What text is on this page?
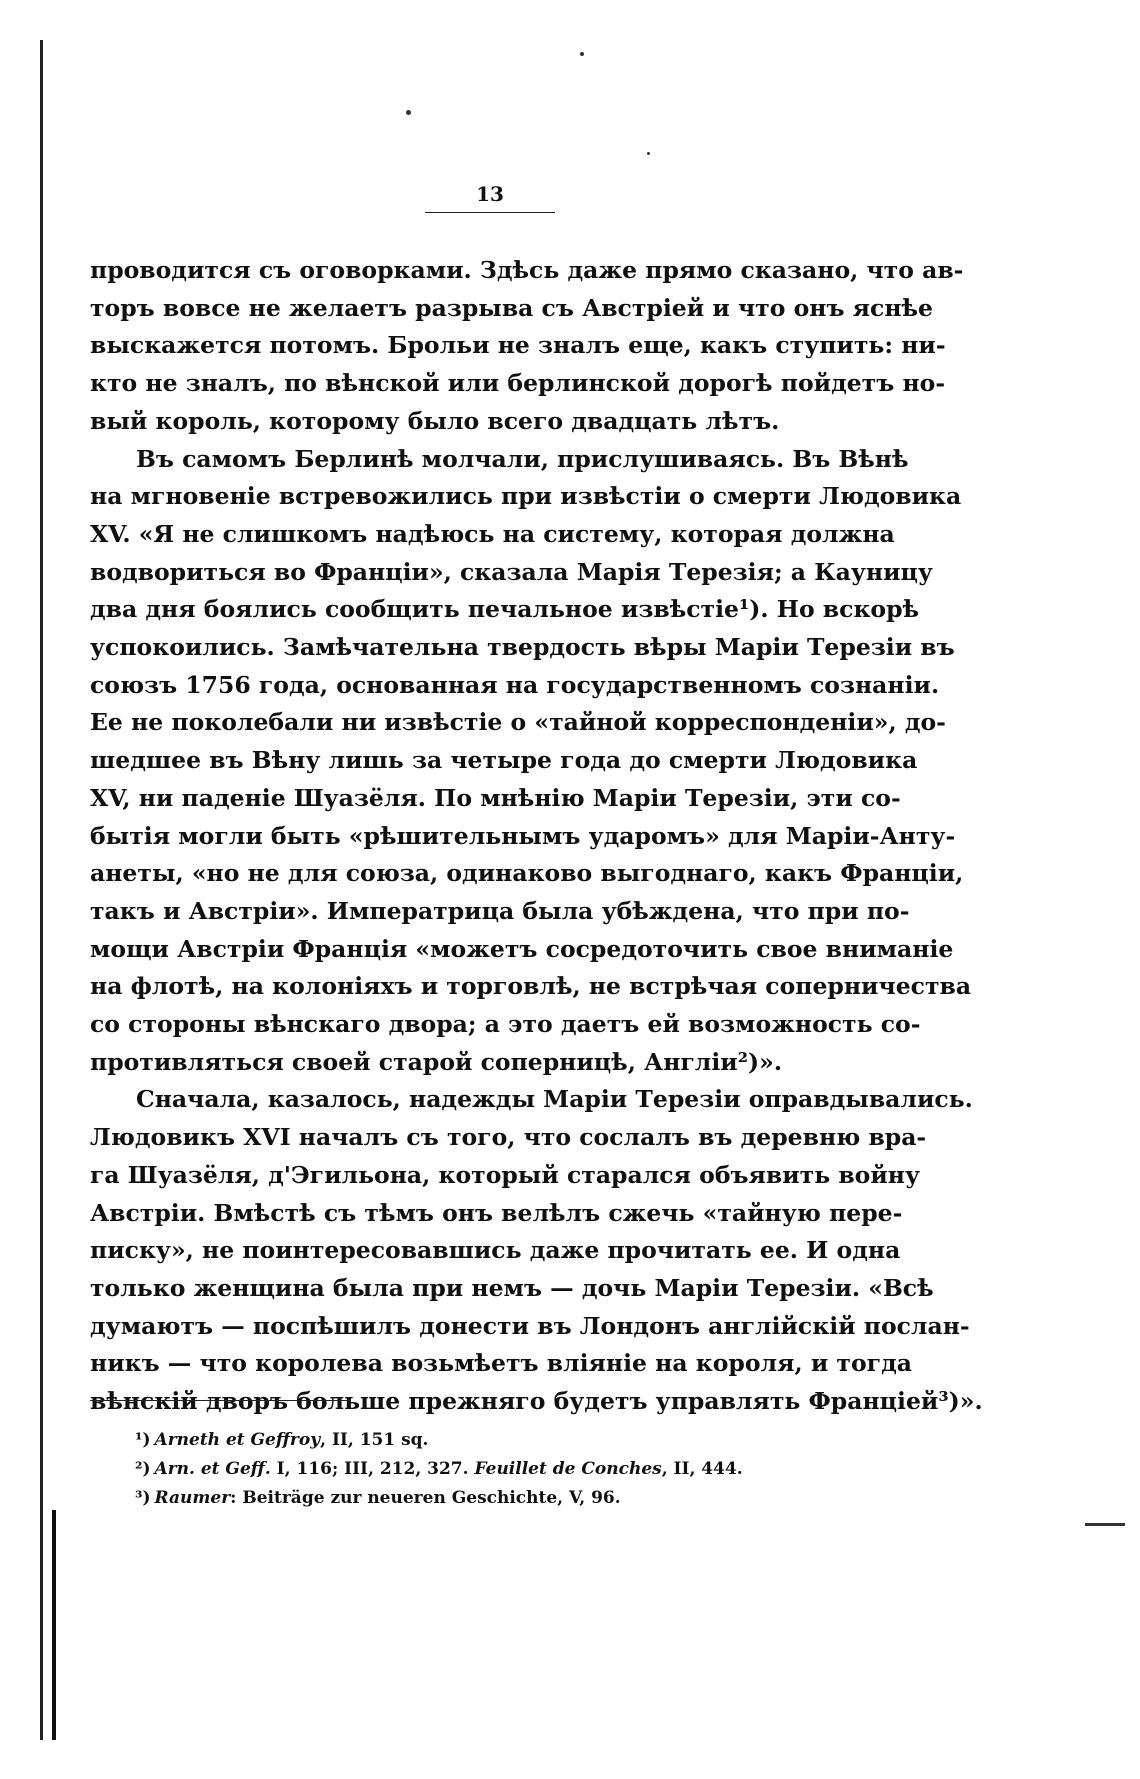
13
проводится съ оговорками. Здѣсь даже прямо сказано, что ав-
торъ вовсе не желаетъ разрыва съ Австріей и что онъ яснѣе
выскажется потомъ. Брольи не зналъ еще, какъ ступить: ни-
кто не зналъ, по вѣнской или берлинской дорогѣ пойдетъ но-
вый король, которому было всего двадцать лѣтъ.
Въ самомъ Берлинѣ молчали, прислушиваясь. Въ Вѣнѣ
на мгновеніе встревожились при извѣстіи о смерти Людовика
XV. «Я не слишкомъ надѣюсь на систему, которая должна
водвориться во Франціи», сказала Марія Терезія; а Кауницу
два дня боялись сообщить печальное извѣстіе¹). Но вскорѣ
успокоились. Замѣчательна твердость вѣры Маріи Терезіи въ
союзъ 1756 года, основанная на государственномъ сознаніи.
Ее не поколебали ни извѣстіе о «тайной корреспонденіи», до-
шедшее въ Вѣну лишь за четыре года до смерти Людовика
XV, ни паденіе Шуазёля. По мнѣнію Маріи Терезіи, эти со-
бытія могли быть «рѣшительнымъ ударомъ» для Маріи-Анту-
анеты, «но не для союза, одинаково выгоднаго, какъ Франціи,
такъ и Австріи». Императрица была убѣждена, что при по-
мощи Австріи Франція «можетъ сосредоточить свое вниманіе
на флотѣ, на колоніяхъ и торговлѣ, не встрѣчая соперничества
со стороны вѣнскаго двора; а это даетъ ей возможность со-
противляться своей старой соперницѣ, Англіи²)».
Сначала, казалось, надежды Маріи Терезіи оправдывались.
Людовикъ XVI началъ съ того, что сослалъ въ деревню вра-
га Шуазёля, д'Эгильона, который старался объявить войну
Австріи. Вмѣстѣ съ тѣмъ онъ велѣлъ сжечь «тайную пере-
писку», не поинтересовавшись даже прочитать ее. И одна
только женщина была при немъ — дочь Маріи Терезіи. «Всѣ
думаютъ — поспѣшилъ донести въ Лондонъ англійскій послан-
никъ — что королева возьмѣетъ вліяніе на короля, и тогда
вѣнскій дворъ больше прежняго будетъ управлять Франціей³)».
¹) Arneth et Geffroy, II, 151 sq.
²) Arn. et Geff. I, 116; III, 212, 327. Feuillet de Conches, II, 444.
³) Raumer: Beiträge zur neueren Geschichte, V, 96.
